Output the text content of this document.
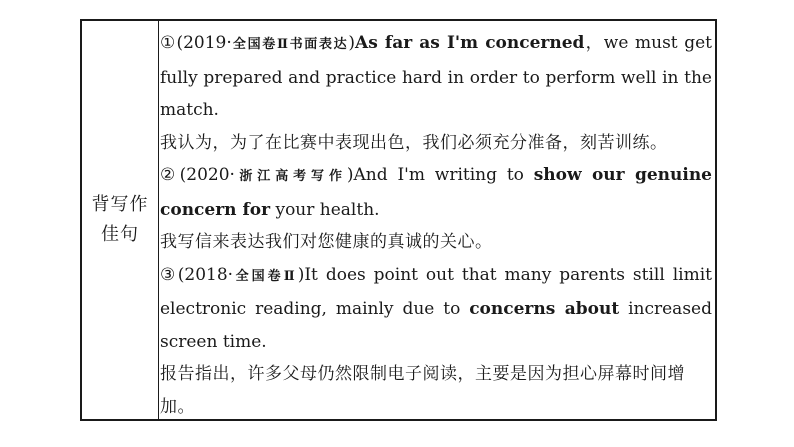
背写作
佳句

①(2019·全国卷Ⅱ书面表达)As far as I'm concerned，we must get fully prepared and practice hard in order to perform well in the match.

我认为，为了在比赛中表现出色，我们必须充分准备，刻苦训练。

②(2020·浙江高考写作)And I'm writing to show our genuine concern for your health.

我写信来表达我们对您健康的真诚的关心。

③(2018·全国卷Ⅱ)It does point out that many parents still limit electronic reading, mainly due to concerns about increased screen time.

报告指出，许多父母仍然限制电子阅读，主要是因为担心屏幕时间增加。
